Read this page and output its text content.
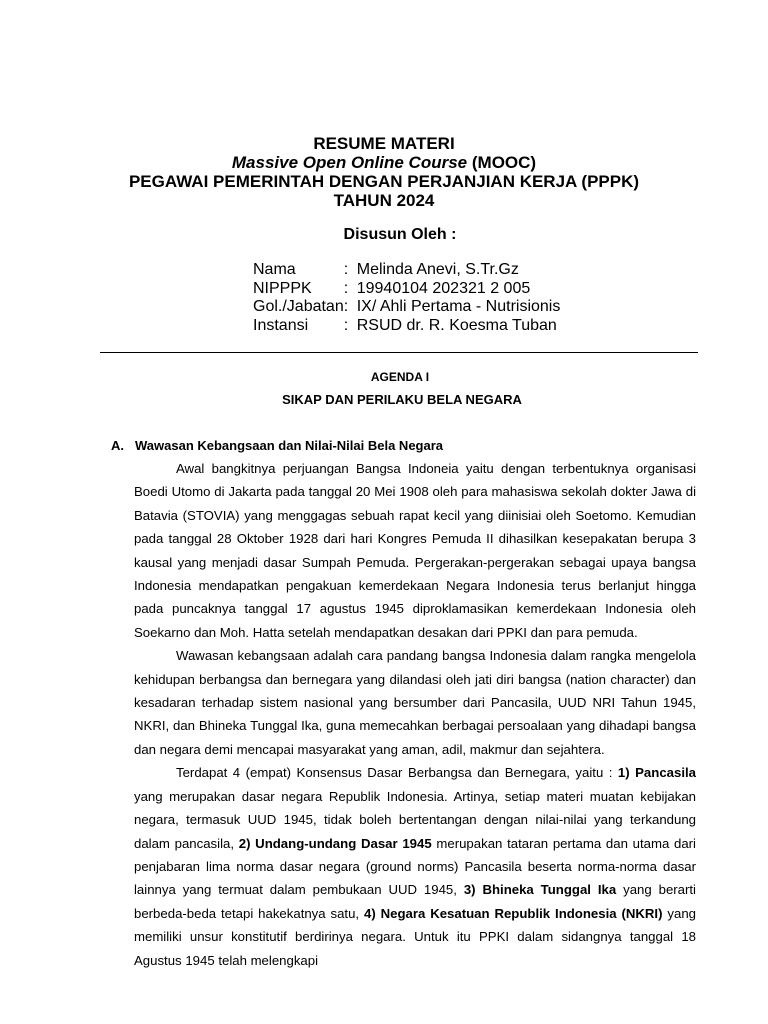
RESUME MATERI
Massive Open Online Course (MOOC)
PEGAWAI PEMERINTAH DENGAN PERJANJIAN KERJA (PPPK)
TAHUN 2024
Disusun Oleh :
Nama	:	Melinda Anevi, S.Tr.Gz
NIPPPK	:	19940104 202321 2 005
Gol./Jabatan	:	IX/ Ahli Pertama - Nutrisionis
Instansi	:	RSUD dr. R. Koesma Tuban
AGENDA I
SIKAP DAN PERILAKU BELA NEGARA
A. Wawasan Kebangsaan dan Nilai-Nilai Bela Negara

Awal bangkitnya perjuangan Bangsa Indoneia yaitu dengan terbentuknya organisasi Boedi Utomo di Jakarta pada tanggal 20 Mei 1908 oleh para mahasiswa sekolah dokter Jawa di Batavia (STOVIA) yang menggagas sebuah rapat kecil yang diinisiai oleh Soetomo. Kemudian pada tanggal 28 Oktober 1928 dari hari Kongres Pemuda II dihasilkan kesepakatan berupa 3 kausal yang menjadi dasar Sumpah Pemuda. Pergerakan-pergerakan sebagai upaya bangsa Indonesia mendapatkan pengakuan kemerdekaan Negara Indonesia terus berlanjut hingga pada puncaknya tanggal 17 agustus 1945 diproklamasikan kemerdekaan Indonesia oleh Soekarno dan Moh. Hatta setelah mendapatkan desakan dari PPKI dan para pemuda.

Wawasan kebangsaan adalah cara pandang bangsa Indonesia dalam rangka mengelola kehidupan berbangsa dan bernegara yang dilandasi oleh jati diri bangsa (nation character) dan kesadaran terhadap sistem nasional yang bersumber dari Pancasila, UUD NRI Tahun 1945, NKRI, dan Bhineka Tunggal Ika, guna memecahkan berbagai persoalaan yang dihadapi bangsa dan negara demi mencapai masyarakat yang aman, adil, makmur dan sejahtera.

Terdapat 4 (empat) Konsensus Dasar Berbangsa dan Bernegara, yaitu : 1) Pancasila yang merupakan dasar negara Republik Indonesia. Artinya, setiap materi muatan kebijakan negara, termasuk UUD 1945, tidak boleh bertentangan dengan nilai-nilai yang terkandung dalam pancasila, 2) Undang-undang Dasar 1945 merupakan tataran pertama dan utama dari penjabaran lima norma dasar negara (ground norms) Pancasila beserta norma-norma dasar lainnya yang termuat dalam pembukaan UUD 1945, 3) Bhineka Tunggal Ika yang berarti berbeda-beda tetapi hakekatnya satu, 4) Negara Kesatuan Republik Indonesia (NKRI) yang memiliki unsur konstitutif berdirinya negara. Untuk itu PPKI dalam sidangnya tanggal 18 Agustus 1945 telah melengkapi
